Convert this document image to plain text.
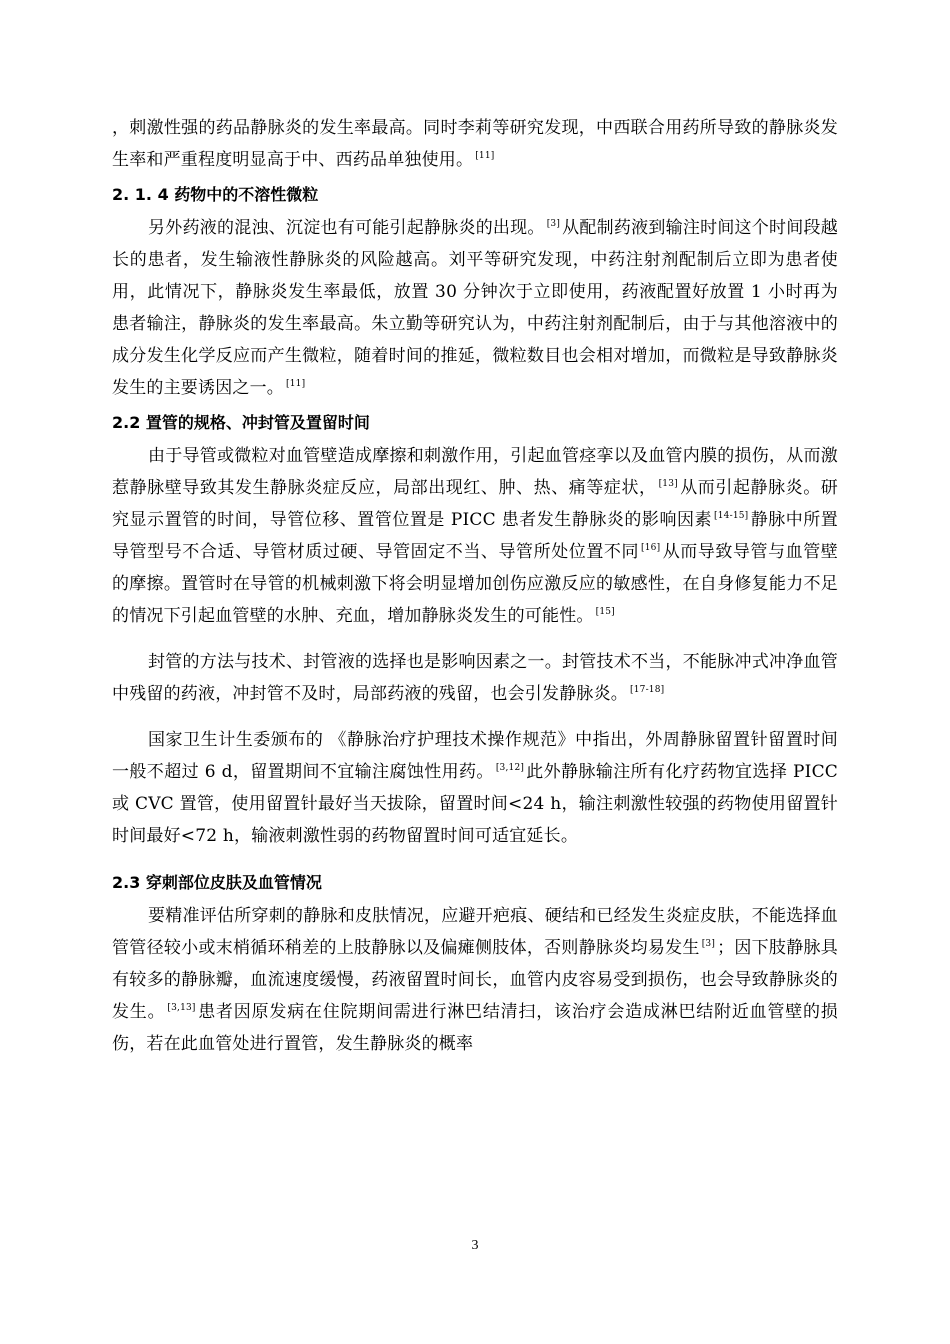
，刺激性强的药品静脉炎的发生率最高。同时李莉等研究发现，中西联合用药所导致的静脉炎发生率和严重程度明显高于中、西药品单独使用。 [11]

2. 1. 4 药物中的不溶性微粒

另外药液的混浊、沉淀也有可能引起静脉炎的出现。 [3] 从配制药液到输注时间这个时间段越长的患者，发生输液性静脉炎的风险越高。刘平等研究发现，中药注射剂配制后立即为患者使用，此情况下，静脉炎发生率最低，放置 30 分钟次于立即使用，药液配置好放置 1 小时再为患者输注，静脉炎的发生率最高。朱立勤等研究认为，中药注射剂配制后，由于与其他溶液中的成分发生化学反应而产生微粒，随着时间的推延，微粒数目也会相对增加，而微粒是导致静脉炎发生的主要诱因之一。 [11]

2.2 置管的规格、冲封管及置留时间

由于导管或微粒对血管壁造成摩擦和刺激作用，引起血管痉挛以及血管内膜的损伤，从而激惹静脉壁导致其发生静脉炎症反应，局部出现红、肿、热、痛等症状， [13] 从而引起静脉炎。研究显示置管的时间，导管位移、置管位置是 PICC 患者发生静脉炎的影响因素 [14-15] 静脉中所置导管型号不合适、导管材质过硬、导管固定不当、导管所处位置不同 [16] 从而导致导管与血管壁的摩擦。置管时在导管的机械刺激下将会明显增加创伤应激反应的敏感性，在自身修复能力不足的情况下引起血管壁的水肿、充血，增加静脉炎发生的可能性。 [15]

封管的方法与技术、封管液的选择也是影响因素之一。封管技术不当，不能脉冲式冲净血管中残留的药液，冲封管不及时，局部药液的残留，也会引发静脉炎。 [17-18]

国家卫生计生委颁布的 《静脉治疗护理技术操作规范》中指出，外周静脉留置针留置时间一般不超过 6 d，留置期间不宜输注腐蚀性用药。 [3,12] 此外静脉输注所有化疗药物宜选择 PICC 或 CVC 置管，使用留置针最好当天拔除，留置时间<24 h，输注刺激性较强的药物使用留置针时间最好<72 h，输液刺激性弱的药物留置时间可适宜延长。

2.3 穿刺部位皮肤及血管情况

要精准评估所穿刺的静脉和皮肤情况，应避开疤痕、硬结和已经发生炎症皮肤，不能选择血管管径较小或末梢循环稍差的上肢静脉以及偏瘫侧肢体，否则静脉炎均易发生 [3] ；因下肢静脉具有较多的静脉瓣，血流速度缓慢，药液留置时间长，血管内皮容易受到损伤，也会导致静脉炎的发生。 [3,13] 患者因原发病在住院期间需进行淋巴结清扫，该治疗会造成淋巴结附近血管壁的损伤，若在此血管处进行置管，发生静脉炎的概率

3
